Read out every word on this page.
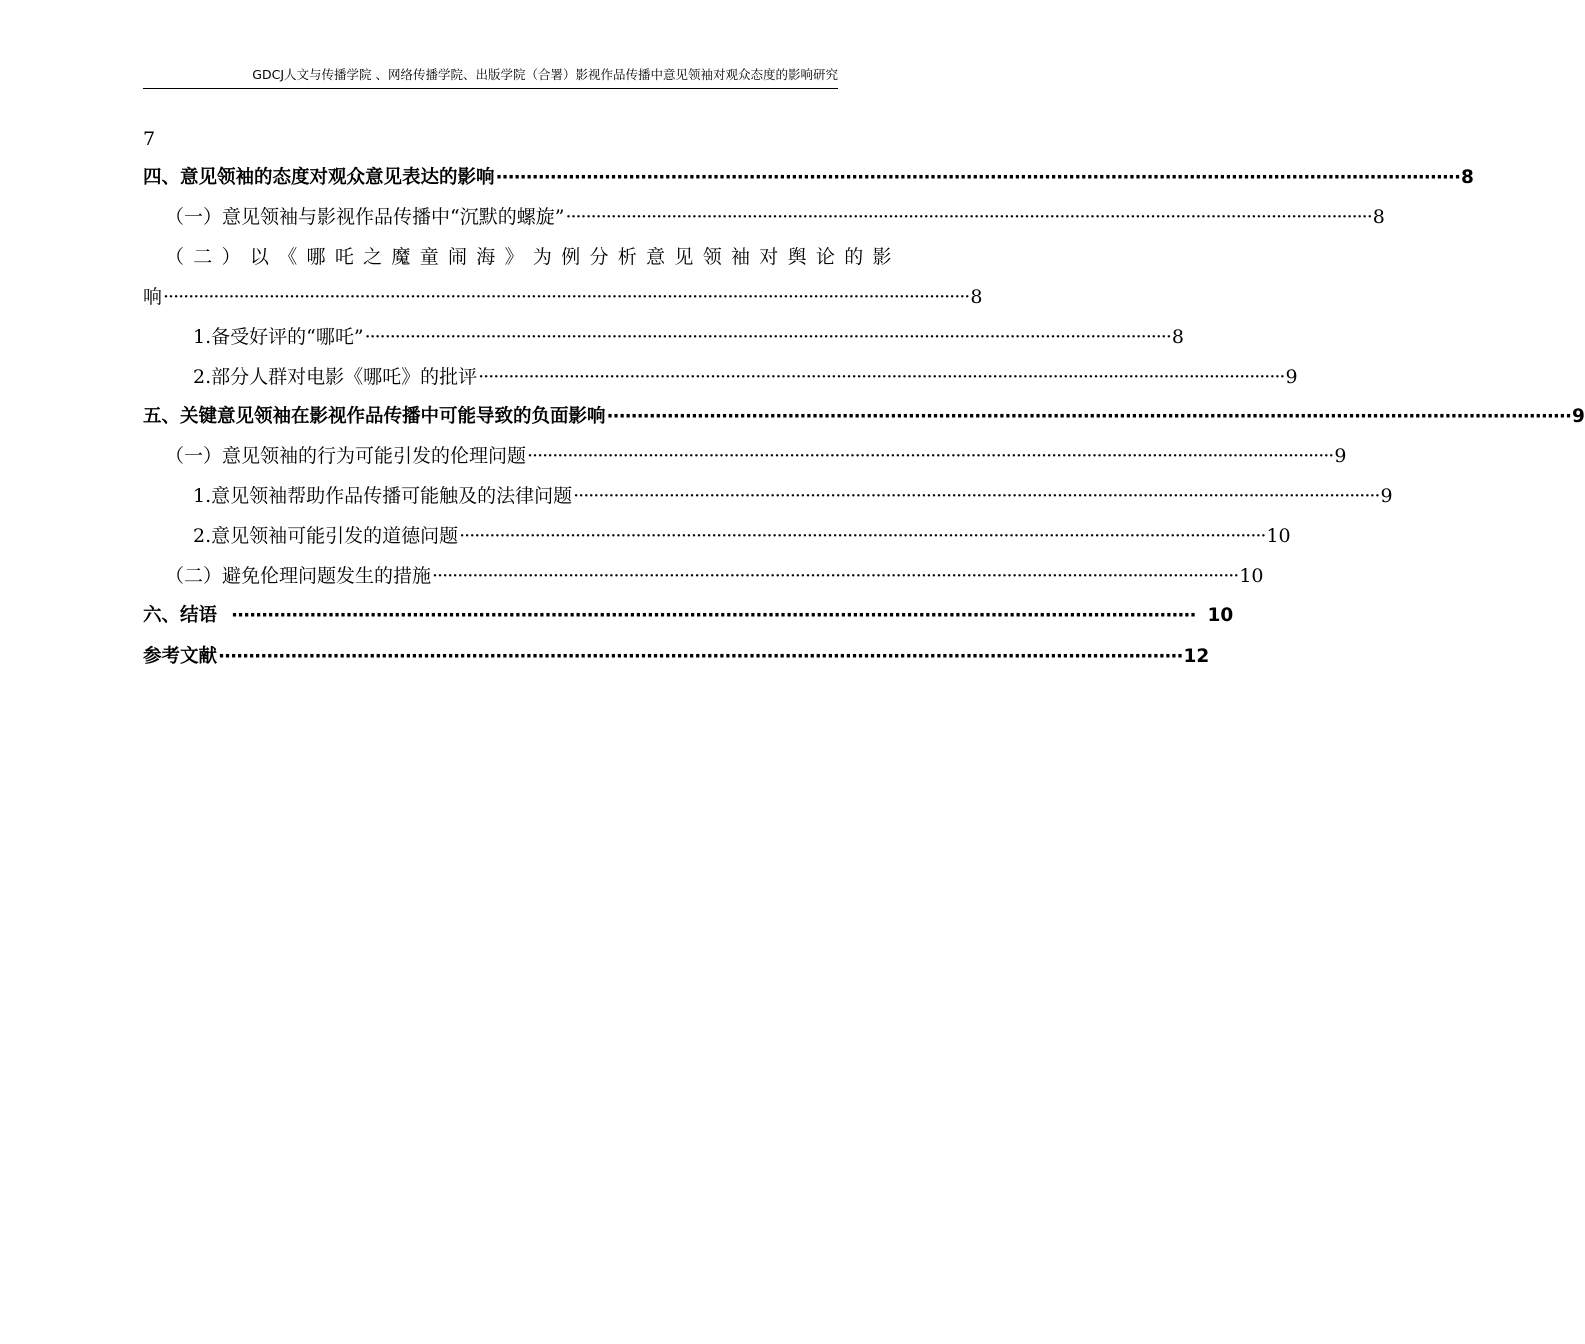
GDCJ人文与传播学院 、网络传播学院、出版学院（合署）影视作品传播中意见领袖对观众态度的影响研究
7
四、意见领袖的态度对观众意见表达的影响 ································································································································································ 8
（一）意见领袖与影视作品传播中“沉默的螺旋” ································································································································································ 8
（二）以《哪吒之魔童闹海》为例分析意见领袖对舆论的影
响 ································································································································································ 8
1.备受好评的“哪吒” ································································································································································ 8
2.部分人群对电影《哪吒》的批评 ································································································································································ 9
五、关键意见领袖在影视作品传播中可能导致的负面影响 ································································································································································ 9
（一）意见领袖的行为可能引发的伦理问题 ································································································································································ 9
1.意见领袖帮助作品传播可能触及的法律问题 ································································································································································ 9
2.意见领袖可能引发的道德问题 ································································································································································ 10
（二）避免伦理问题发生的措施 ································································································································································ 10
六、结语 ································································································································································ 10
参考文献 ································································································································································ 12
